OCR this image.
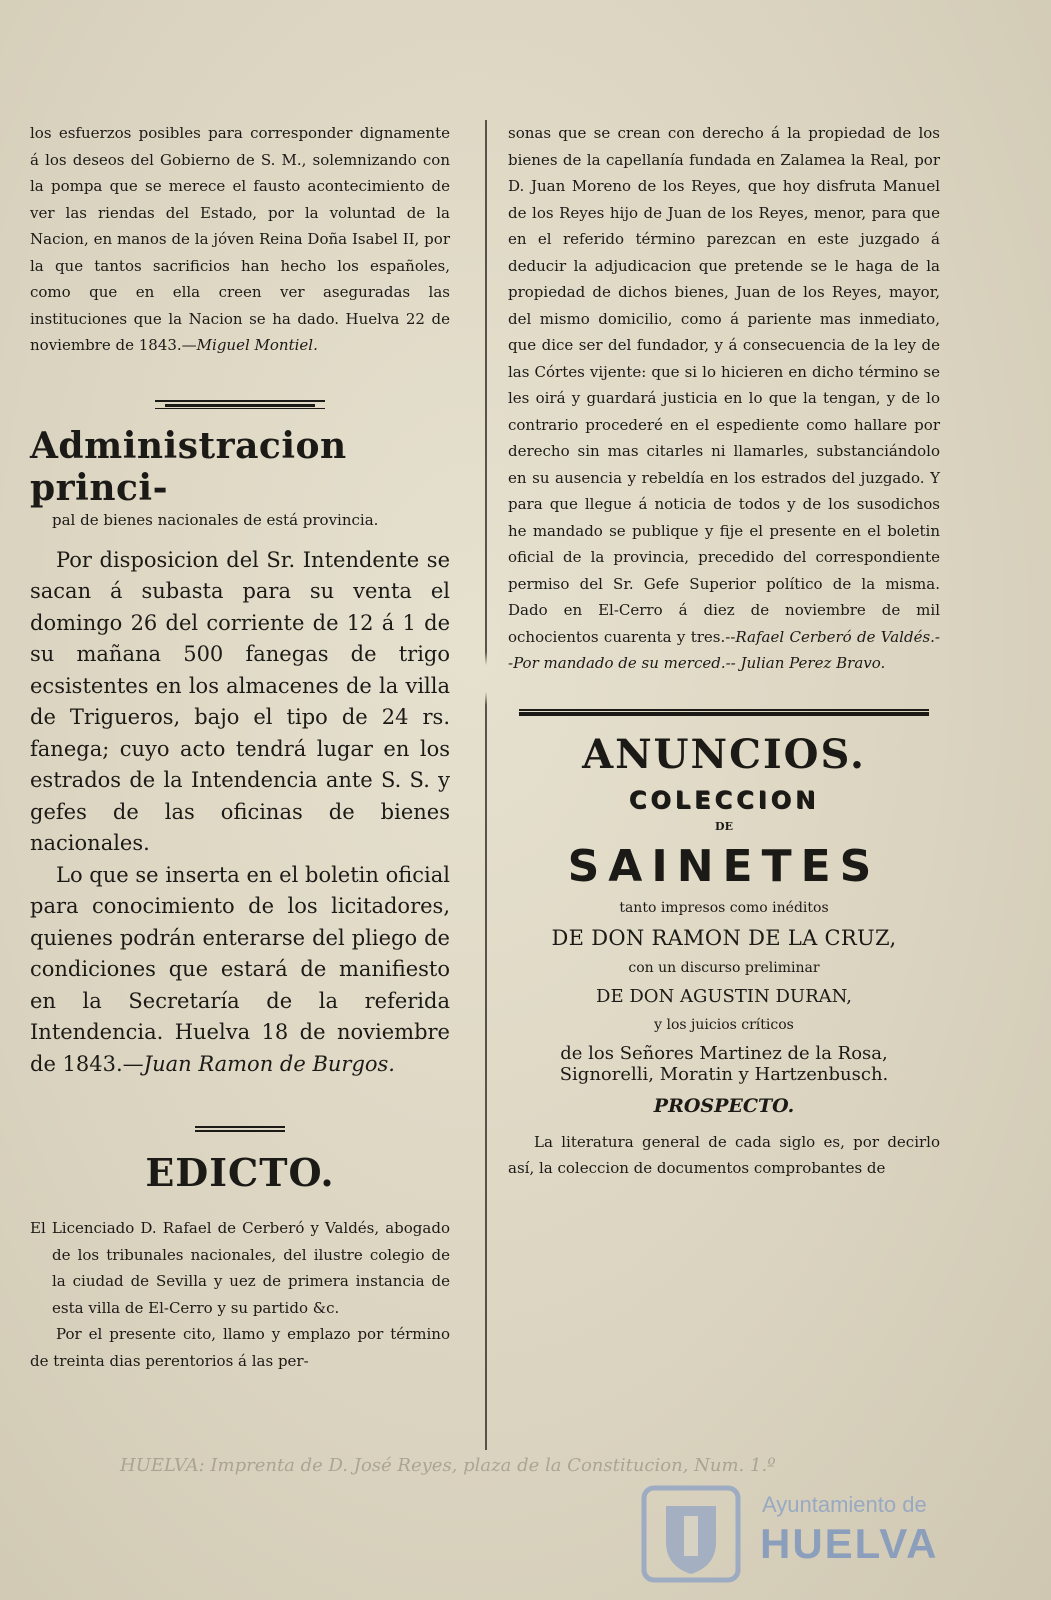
los esfuerzos posibles para corresponder dignamente á los deseos del Gobierno de S. M., solemnizando con la pompa que se merece el fausto acontecimiento de ver las riendas del Estado, por la voluntad de la Nacion, en manos de la jóven Reina Doña Isabel II, por la que tantos sacrificios han hecho los españoles, como que en ella creen ver aseguradas las instituciones que la Nacion se ha dado. Huelva 22 de noviembre de 1843.—Miguel Montiel.

Administracion princi-
pal de bienes nacionales de está provincia.

Por disposicion del Sr. Intendente se sacan á subasta para su venta el domingo 26 del corriente de 12 á 1 de su mañana 500 fanegas de trigo ecsistentes en los almacenes de la villa de Trigueros, bajo el tipo de 24 rs. fanega; cuyo acto tendrá lugar en los estrados de la Intendencia ante S. S. y gefes de las oficinas de bienes nacionales.

Lo que se inserta en el boletin oficial para conocimiento de los licitadores, quienes podrán enterarse del pliego de condiciones que estará de manifiesto en la Secretaría de la referida Intendencia. Huelva 18 de noviembre de 1843.—Juan Ramon de Burgos.

EDICTO.

El Licenciado D. Rafael de Cerberó y Valdés, abogado de los tribunales nacionales, del ilustre colegio de la ciudad de Sevilla y uez de primera instancia de esta villa de El-Cerro y su partido &c.

Por el presente cito, llamo y emplazo por término de treinta dias perentorios á las per-

sonas que se crean con derecho á la propiedad de los bienes de la capellanía fundada en Zalamea la Real, por D. Juan Moreno de los Reyes, que hoy disfruta Manuel de los Reyes hijo de Juan de los Reyes, menor, para que en el referido término parezcan en este juzgado á deducir la adjudicacion que pretende se le haga de la propiedad de dichos bienes, Juan de los Reyes, mayor, del mismo domicilio, como á pariente mas inmediato, que dice ser del fundador, y á consecuencia de la ley de las Córtes vijente: que si lo hicieren en dicho término se les oirá y guardará justicia en lo que la tengan, y de lo contrario procederé en el espediente como hallare por derecho sin mas citarles ni llamarles, substanciándolo en su ausencia y rebeldía en los estrados del juzgado. Y para que llegue á noticia de todos y de los susodichos he mandado se publique y fije el presente en el boletin oficial de la provincia, precedido del correspondiente permiso del Sr. Gefe Superior político de la misma. Dado en El-Cerro á diez de noviembre de mil ochocientos cuarenta y tres.--Rafael Cerberó de Valdés.--Por mandado de su merced.-- Julian Perez Bravo.

ANUNCIOS.
COLECCION
DE
SAINETES

tanto impresos como inéditos

DE DON RAMON DE LA CRUZ,

con un discurso preliminar

DE DON AGUSTIN DURAN,

y los juicios críticos

de los Señores Martinez de la Rosa, Signorelli, Moratin y Hartzenbusch.

PROSPECTO.

La literatura general de cada siglo es, por decirlo así, la coleccion de documentos comprobantes de

HUELVA: Imprenta de D. José Reyes, plaza de la Constitucion, Num. 1.º
Ayuntamiento de
HUELVA
